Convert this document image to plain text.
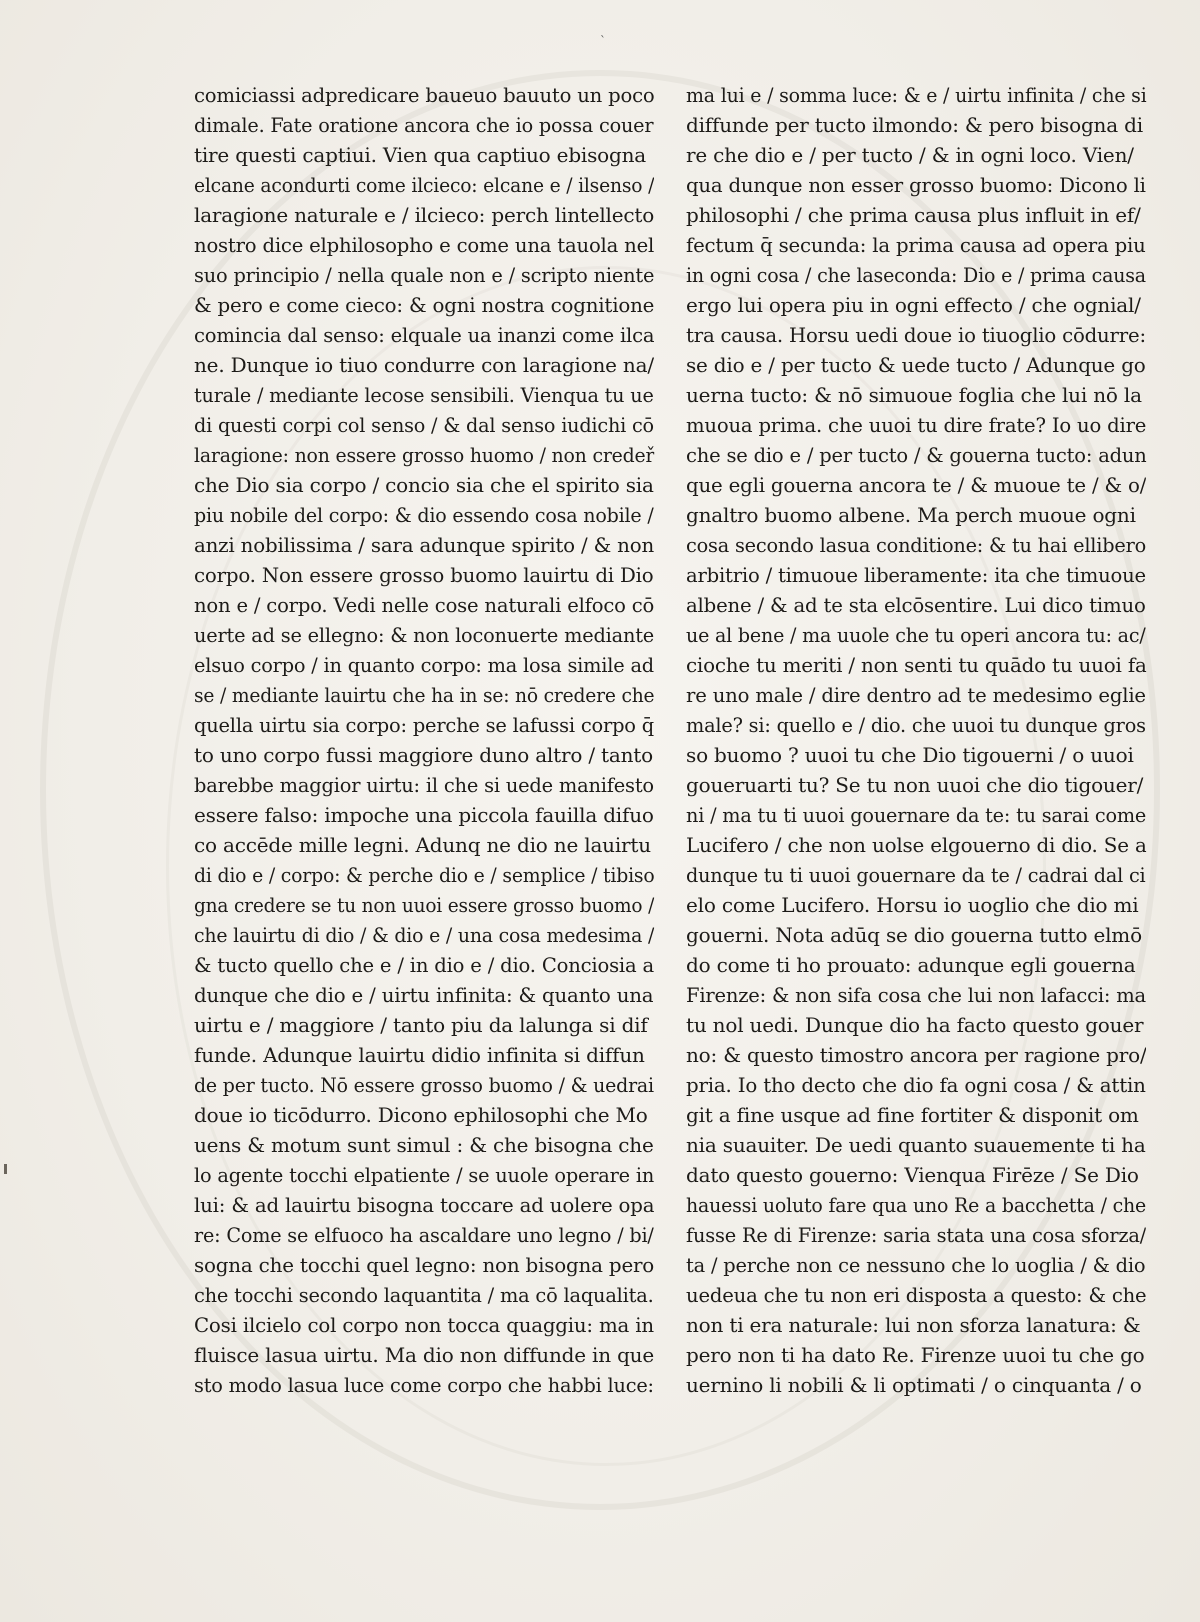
`
comiciassi adpredicare baueuo bauuto un poco
dimale. Fate oratione ancora che io possa couer
tire questi captiui. Vien qua captiuo ebisogna
elcane acondurti come ilcieco: elcane e / ilsenso /
laragione naturale e / ilcieco: perch lintellecto
nostro dice elphilosopho e come una tauola nel
suo principio / nella quale non e / scripto niente
& pero e come cieco: & ogni nostra cognitione
comincia dal senso: elquale ua inanzi come ilca
ne. Dunque io tiuo condurre con laragione na/
turale / mediante lecose sensibili. Vienqua tu ue
di questi corpi col senso / & dal senso iudichi cō
laragione: non essere grosso huomo / non credeř
che Dio sia corpo / concio sia che el spirito sia
piu nobile del corpo: & dio essendo cosa nobile /
anzi nobilissima / sara adunque spirito / & non
corpo. Non essere grosso buomo lauirtu di Dio
non e / corpo. Vedi nelle cose naturali elfoco cō
uerte ad se ellegno: & non loconuerte mediante
elsuo corpo / in quanto corpo: ma losa simile ad
se / mediante lauirtu che ha in se: nō credere che
quella uirtu sia corpo: perche se lafussi corpo q̄
to uno corpo fussi maggiore duno altro / tanto
barebbe maggior uirtu: il che si uede manifesto
essere falso: impoche una piccola fauilla difuo
co accēde mille legni. Adunq ne dio ne lauirtu
di dio e / corpo: & perche dio e / semplice / tibiso
gna credere se tu non uuoi essere grosso buomo /
che lauirtu di dio / & dio e / una cosa medesima /
& tucto quello che e / in dio e / dio. Conciosia a
dunque che dio e / uirtu infinita: & quanto una
uirtu e / maggiore / tanto piu da lalunga si dif
funde. Adunque lauirtu didio infinita si diffun
de per tucto. Nō essere grosso buomo / & uedrai
doue io ticōdurro. Dicono ephilosophi che Mo
uens & motum sunt simul : & che bisogna che
lo agente tocchi elpatiente / se uuole operare in
lui: & ad lauirtu bisogna toccare ad uolere opa
re: Come se elfuoco ha ascaldare uno legno / bi/
sogna che tocchi quel legno: non bisogna pero
che tocchi secondo laquantita / ma cō laqualita.
Cosi ilcielo col corpo non tocca quaggiu: ma in
fluisce lasua uirtu. Ma dio non diffunde in que
sto modo lasua luce come corpo che habbi luce:
ma lui e / somma luce: & e / uirtu infinita / che si
diffunde per tucto ilmondo: & pero bisogna di
re che dio e / per tucto / & in ogni loco. Vien/
qua dunque non esser grosso buomo: Dicono li
philosophi / che prima causa plus influit in ef/
fectum q̄ secunda: la prima causa ad opera piu
in ogni cosa / che laseconda: Dio e / prima causa
ergo lui opera piu in ogni effecto / che ognial/
tra causa. Horsu uedi doue io tiuoglio cōdurre:
se dio e / per tucto & uede tucto / Adunque go
uerna tucto: & nō simuoue foglia che lui nō la
muoua prima. che uuoi tu dire frate? Io uo dire
che se dio e / per tucto / & gouerna tucto: adun
que egli gouerna ancora te / & muoue te / & o/
gnaltro buomo albene. Ma perch muoue ogni
cosa secondo lasua conditione: & tu hai ellibero
arbitrio / timuoue liberamente: ita che timuoue
albene / & ad te sta elcōsentire. Lui dico timuo
ue al bene / ma uuole che tu operi ancora tu: ac/
cioche tu meriti / non senti tu quādo tu uuoi fa
re uno male / dire dentro ad te medesimo eglie
male? si: quello e / dio. che uuoi tu dunque gros
so buomo ? uuoi tu che Dio tigouerni / o uuoi
goueruarti tu? Se tu non uuoi che dio tigouer/
ni / ma tu ti uuoi gouernare da te: tu sarai come
Lucifero / che non uolse elgouerno di dio. Se a
dunque tu ti uuoi gouernare da te / cadrai dal ci
elo come Lucifero. Horsu io uoglio che dio mi
gouerni. Nota adūq se dio gouerna tutto elmō
do come ti ho prouato: adunque egli gouerna
Firenze: & non sifa cosa che lui non lafacci: ma
tu nol uedi. Dunque dio ha facto questo gouer
no: & questo timostro ancora per ragione pro/
pria. Io tho decto che dio fa ogni cosa / & attin
git a fine usque ad fine fortiter & disponit om
nia suauiter. De uedi quanto suauemente ti ha
dato questo gouerno: Vienqua Firēze / Se Dio
hauessi uoluto fare qua uno Re a bacchetta / che
fusse Re di Firenze: saria stata una cosa sforza/
ta / perche non ce nessuno che lo uoglia / & dio
uedeua che tu non eri disposta a questo: & che
non ti era naturale: lui non sforza lanatura: &
pero non ti ha dato Re. Firenze uuoi tu che go
uernino li nobili & li optimati / o cinquanta / o
